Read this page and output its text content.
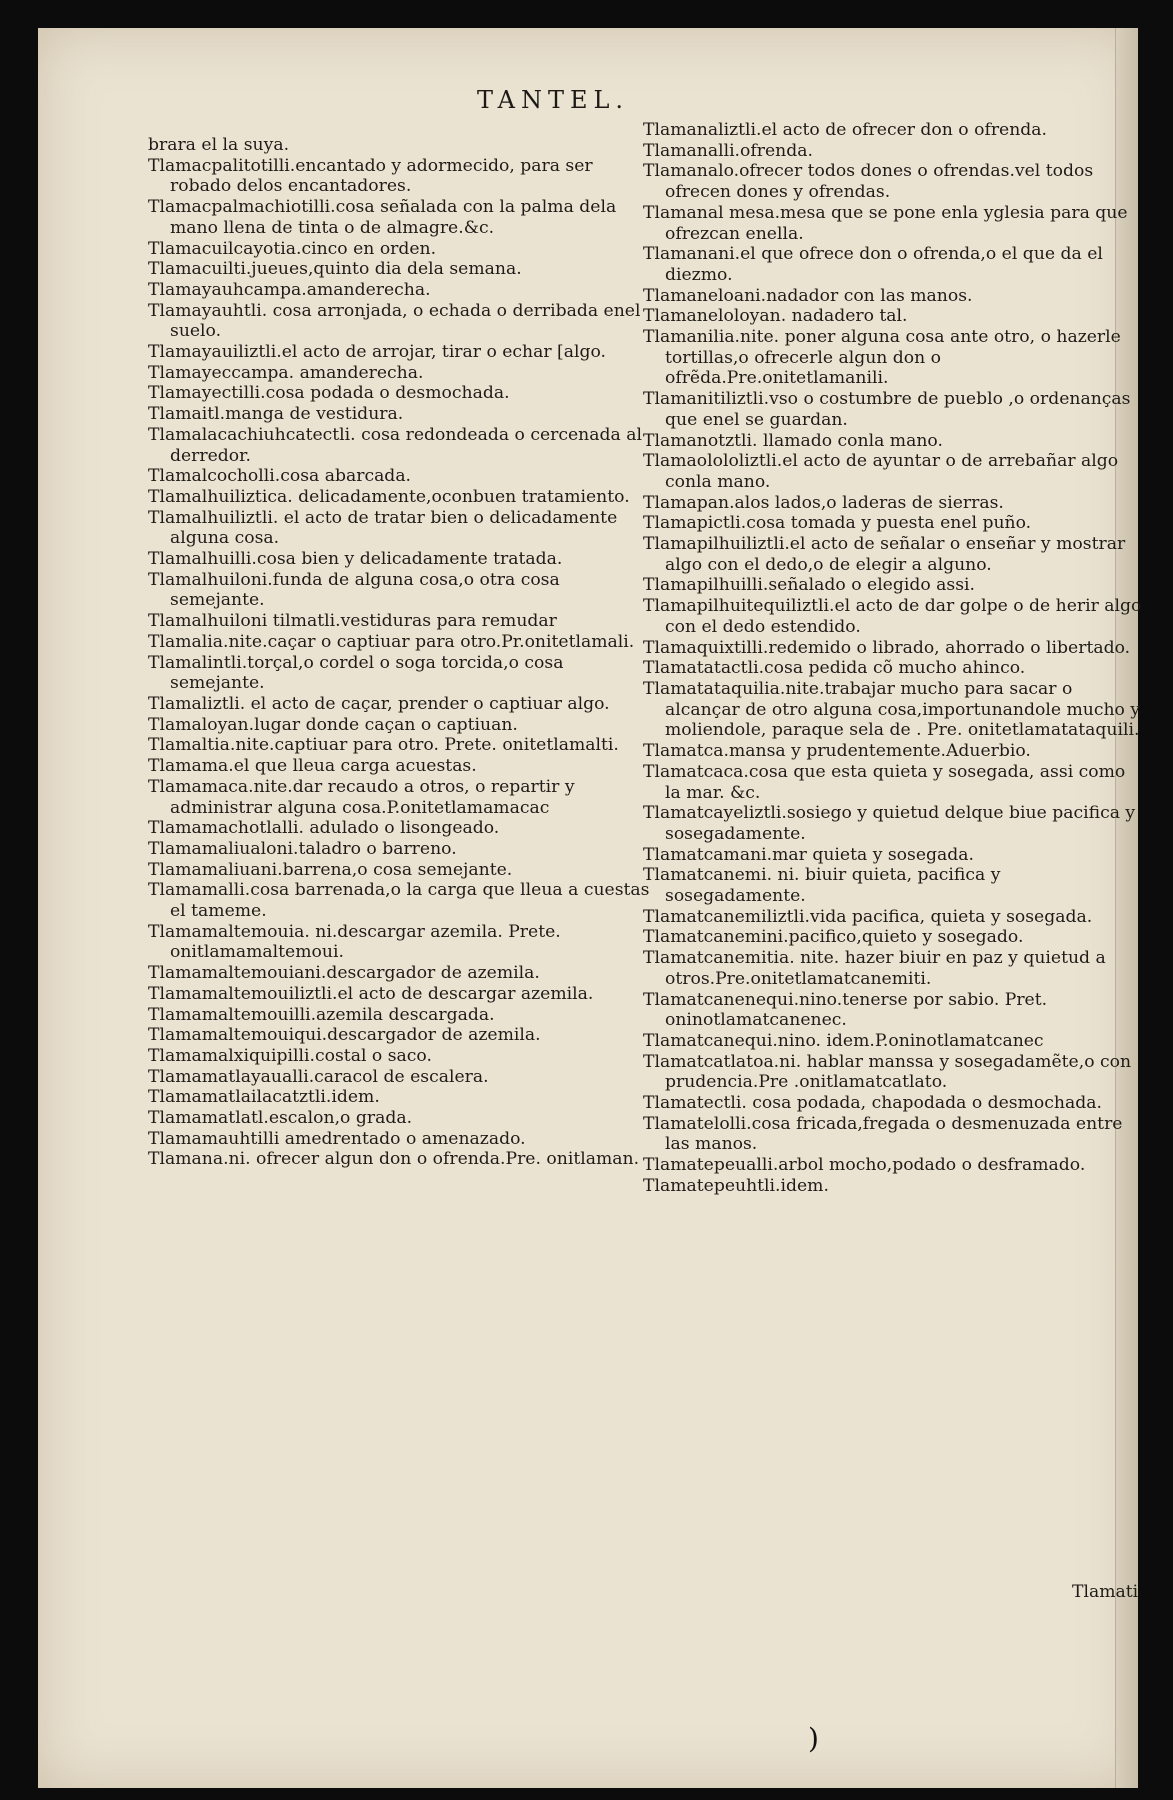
TANTEL.

brara el la suya.

Tlamacpalitotilli.encantado y adormecido, para ser robado delos encantadores.

Tlamacpalmachiotilli.cosa señalada con la palma dela mano llena de tinta o de almagre.&c.

Tlamacuilcayotia.cinco en orden.

Tlamacuilti.jueues,quinto dia dela semana.

Tlamayauhcampa.amanderecha.

Tlamayauhtli. cosa arronjada, o echada o derribada enel suelo.

Tlamayauiliztli.el acto de arrojar, tirar o echar [algo.

Tlamayeccampa. amanderecha.

Tlamayectilli.cosa podada o desmochada.

Tlamaitl.manga de vestidura.

Tlamalacachiuhcatectli. cosa redondeada o cercenada al derredor.

Tlamalcocholli.cosa abarcada.

Tlamalhuiliztica. delicadamente,oconbuen tratamiento.

Tlamalhuiliztli. el acto de tratar bien o delicadamente alguna cosa.

Tlamalhuilli.cosa bien y delicadamente tratada.

Tlamalhuiloni.funda de alguna cosa,o otra cosa semejante.

Tlamalhuiloni tilmatli.vestiduras para remudar

Tlamalia.nite.caçar o captiuar para otro.Pr.onitetlamali.

Tlamalintli.torçal,o cordel o soga torcida,o cosa semejante.

Tlamaliztli. el acto de caçar, prender o captiuar algo.

Tlamaloyan.lugar donde caçan o captiuan.

Tlamaltia.nite.captiuar para otro. Prete. onitetlamalti.

Tlamama.el que lleua carga acuestas.

Tlamamaca.nite.dar recaudo a otros, o repartir y administrar alguna cosa.P.onitetlamamacac

Tlamamachotlalli. adulado o lisongeado.

Tlamamaliualoni.taladro o barreno.

Tlamamaliuani.barrena,o cosa semejante.

Tlamamalli.cosa barrenada,o la carga que lleua a cuestas el tameme.

Tlamamaltemouia. ni.descargar azemila. Prete. onitlamamaltemoui.

Tlamamaltemouiani.descargador de azemila.

Tlamamaltemouiliztli.el acto de descargar azemila.

Tlamamaltemouilli.azemila descargada.

Tlamamaltemouiqui.descargador de azemila.

Tlamamalxiquipilli.costal o saco.

Tlamamatlayaualli.caracol de escalera.

Tlamamatlailacatztli.idem.

Tlamamatlatl.escalon,o grada.

Tlamamauhtilli amedrentado o amenazado.

Tlamana.ni. ofrecer algun don o ofrenda.Pre. onitlaman.

Tlamanaliztli.el acto de ofrecer don o ofrenda.

Tlamanalli.ofrenda.

Tlamanalo.ofrecer todos dones o ofrendas.vel todos ofrecen dones y ofrendas.

Tlamanal mesa.mesa que se pone enla yglesia para que ofrezcan enella.

Tlamanani.el que ofrece don o ofrenda,o el que da el diezmo.

Tlamaneloani.nadador con las manos.

Tlamaneloloyan. nadadero tal.

Tlamanilia.nite. poner alguna cosa ante otro, o hazerle tortillas,o ofrecerle algun don o ofrẽda.Pre.onitetlamanili.

Tlamanitiliztli.vso o costumbre de pueblo ,o ordenanças que enel se guardan.

Tlamanotztli. llamado conla mano.

Tlamaolololiztli.el acto de ayuntar o de arrebañar algo conla mano.

Tlamapan.alos lados,o laderas de sierras.

Tlamapictli.cosa tomada y puesta enel puño.

Tlamapilhuiliztli.el acto de señalar o enseñar y mostrar algo con el dedo,o de elegir a alguno.

Tlamapilhuilli.señalado o elegido assi.

Tlamapilhuitequiliztli.el acto de dar golpe o de herir algo con el dedo estendido.

Tlamaquixtilli.redemido o librado, ahorrado o libertado.

Tlamatatactli.cosa pedida cõ mucho ahinco.

Tlamatataquilia.nite.trabajar mucho para sacar o alcançar de otro alguna cosa,importunandole mucho y moliendole, paraque sela de . Pre. onitetlamatataquili.

Tlamatca.mansa y prudentemente.Aduerbio.

Tlamatcaca.cosa que esta quieta y sosegada, assi como la mar. &c.

Tlamatcayeliztli.sosiego y quietud delque biue pacifica y sosegadamente.

Tlamatcamani.mar quieta y sosegada.

Tlamatcanemi. ni. biuir quieta, pacifica y sosegadamente.

Tlamatcanemiliztli.vida pacifica, quieta y sosegada.

Tlamatcanemini.pacifico,quieto y sosegado.

Tlamatcanemitia. nite. hazer biuir en paz y quietud a otros.Pre.onitetlamatcanemiti.

Tlamatcanenequi.nino.tenerse por sabio. Pret. oninotlamatcanenec.

Tlamatcanequi.nino. idem.P.oninotlamatcanec

Tlamatcatlatoa.ni. hablar manssa y sosegadamẽte,o con prudencia.Pre .onitlamatcatlato.

Tlamatectli. cosa podada, chapodada o desmochada.

Tlamatelolli.cosa fricada,fregada o desmenuzada entre las manos.

Tlamatepeualli.arbol mocho,podado o desframado.

Tlamatepeuhtli.idem.

Tlamati
)
